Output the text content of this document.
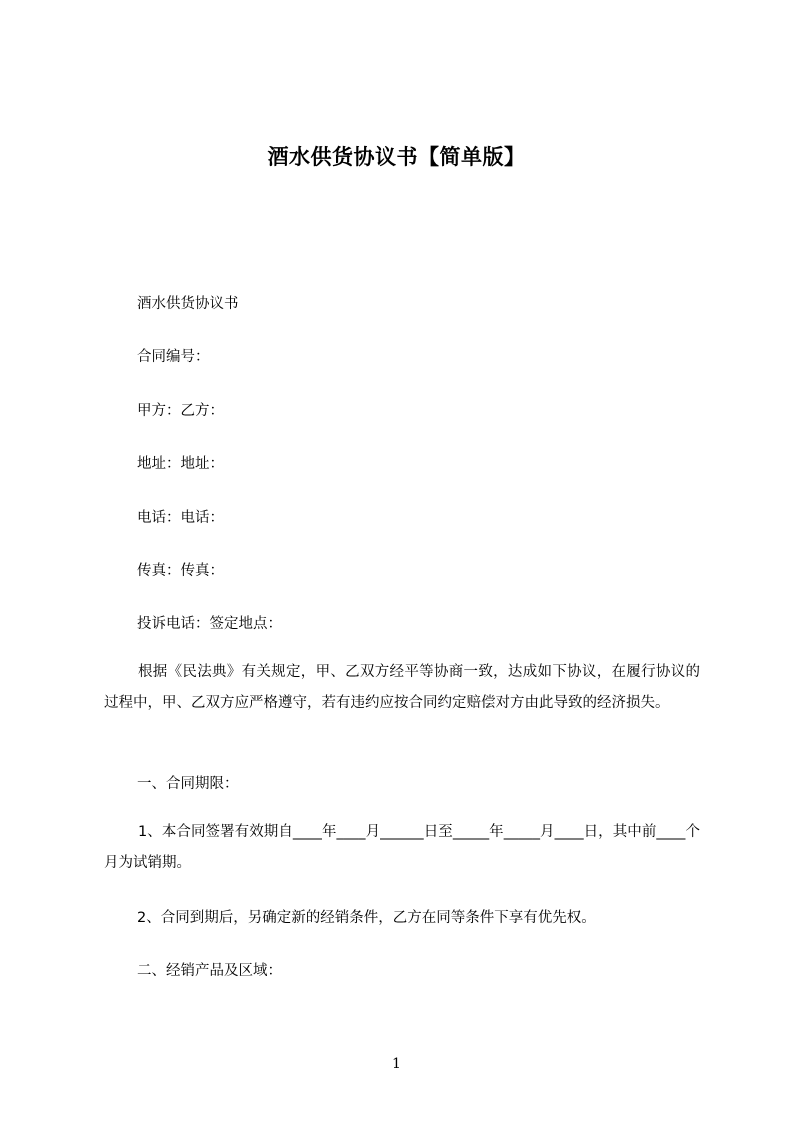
酒水供货协议书【简单版】
酒水供货协议书
合同编号：
甲方：乙方：
地址：地址：
电话：电话：
传真：传真：
投诉电话：签定地点：
根据《民法典》有关规定，甲、乙双方经平等协商一致，达成如下协议，在履行协议的过程中，甲、乙双方应严格遵守，若有违约应按合同约定赔偿对方由此导致的经济损失。
一、合同期限：
1、本合同签署有效期自____年____月______日至_____年_____月____日，其中前____个月为试销期。
2、合同到期后，另确定新的经销条件，乙方在同等条件下享有优先权。
二、经销产品及区域：
1
